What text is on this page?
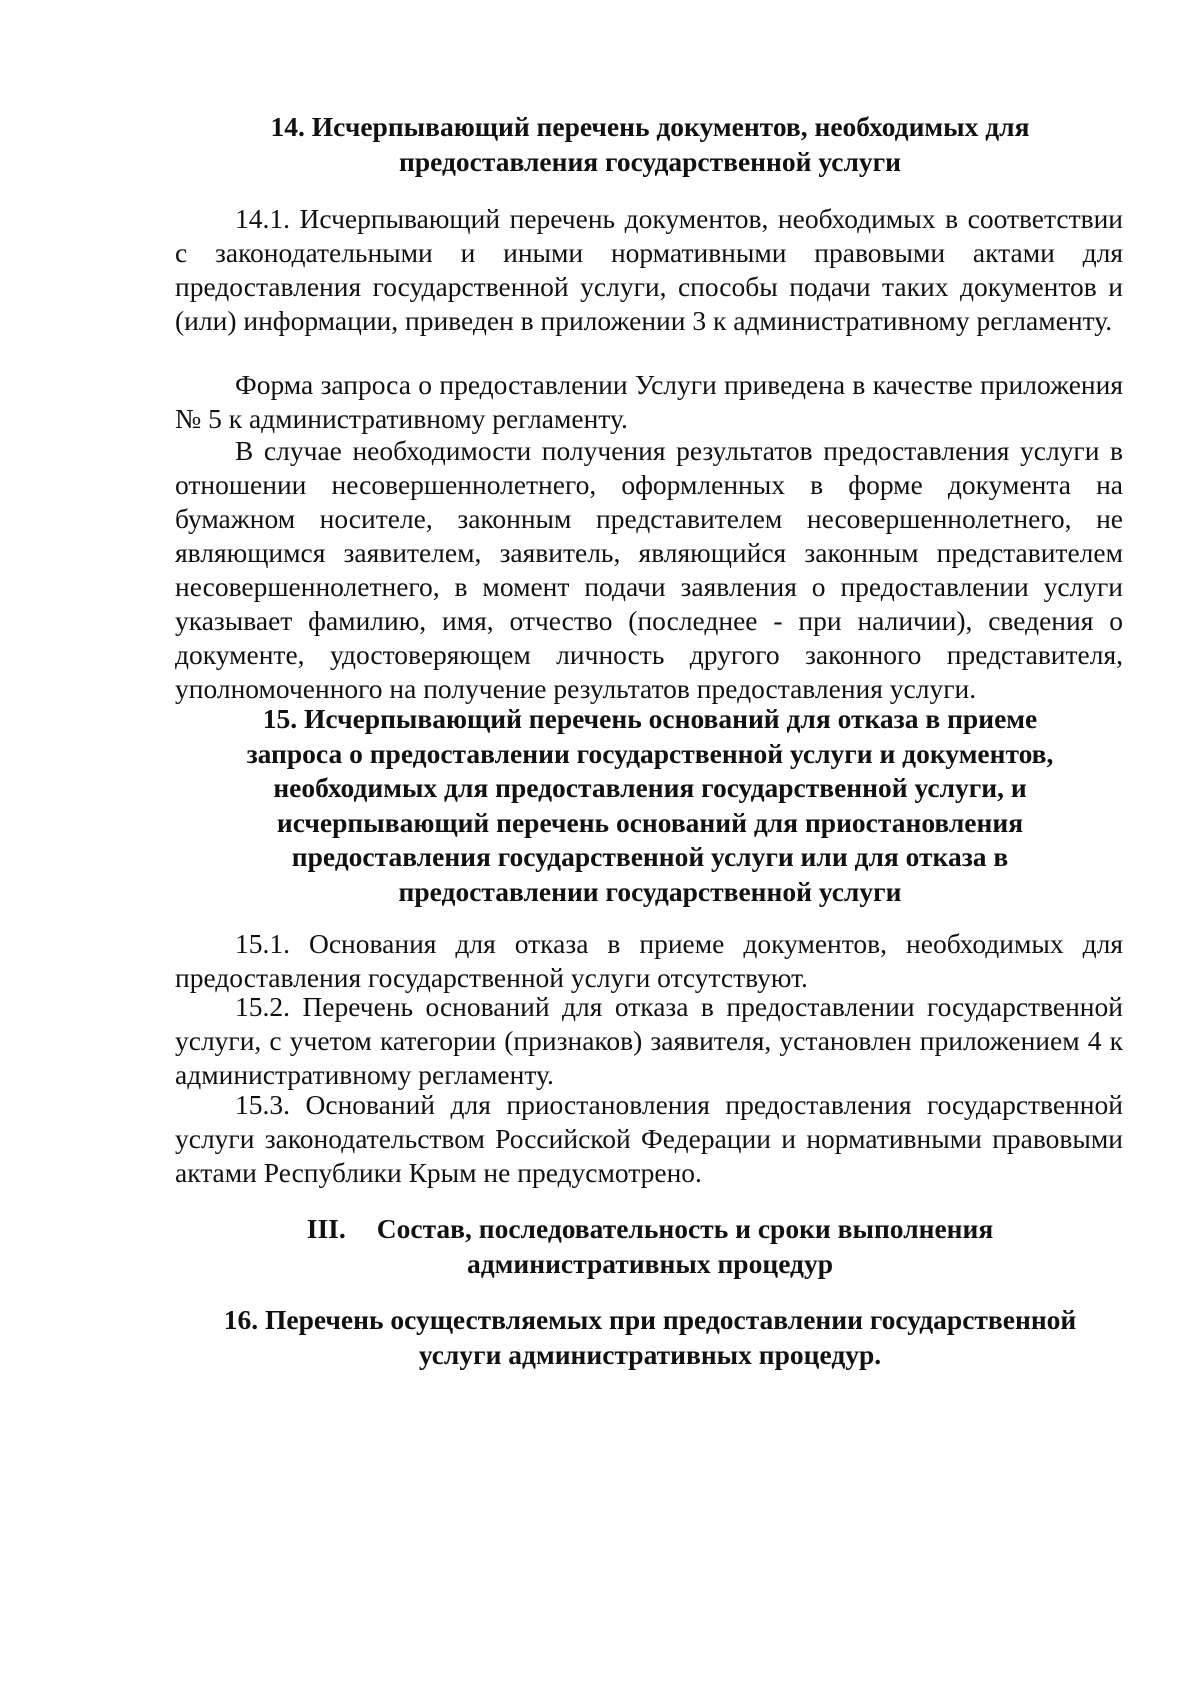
14. Исчерпывающий перечень документов, необходимых для
предоставления государственной услуги
14.1. Исчерпывающий перечень документов, необходимых в соответствии с законодательными и иными нормативными правовыми актами для предоставления государственной услуги, способы подачи таких документов и (или) информации, приведен в приложении 3 к административному регламенту.
Форма запроса о предоставлении Услуги приведена в качестве приложения № 5 к административному регламенту.
В случае необходимости получения результатов предоставления услуги в отношении несовершеннолетнего, оформленных в форме документа на бумажном носителе, законным представителем несовершеннолетнего, не являющимся заявителем, заявитель, являющийся законным представителем несовершеннолетнего, в момент подачи заявления о предоставлении услуги указывает фамилию, имя, отчество (последнее - при наличии), сведения о документе, удостоверяющем личность другого законного представителя, уполномоченного на получение результатов предоставления услуги.
15. Исчерпывающий перечень оснований для отказа в приеме
запроса о предоставлении государственной услуги и документов,
необходимых для предоставления государственной услуги, и
исчерпывающий перечень оснований для приостановления
предоставления государственной услуги или для отказа в
предоставлении государственной услуги
15.1. Основания для отказа в приеме документов, необходимых для предоставления государственной услуги отсутствуют.
15.2. Перечень оснований для отказа в предоставлении государственной услуги, с учетом категории (признаков) заявителя, установлен приложением 4 к административному регламенту.
15.3. Оснований для приостановления предоставления государственной услуги законодательством Российской Федерации и нормативными правовыми актами Республики Крым не предусмотрено.
III. Состав, последовательность и сроки выполнения
административных процедур
16. Перечень осуществляемых при предоставлении государственной
услуги административных процедур.
